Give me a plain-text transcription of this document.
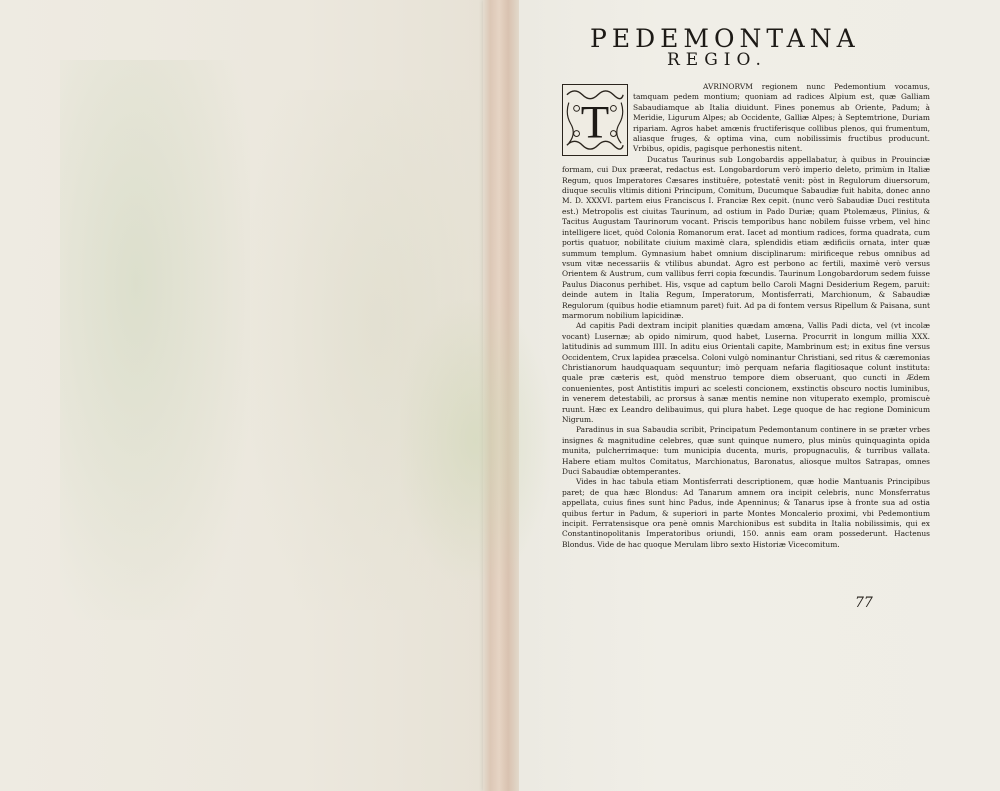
PEDEMONTANA
REGIO.

AVRINORVM regionem nunc Pedemontium vocamus, tamquam pedem montium; quoniam ad radices Alpium est, quæ Galliam Sabaudiamque ab Italia diuidunt. Fines ponemus ab Oriente, Padum; à Meridie, Ligurum Alpes; ab Occidente, Galliæ Alpes; à Septemtrione, Duriam ripariam. Agros habet amœnis fructiferisque collibus plenos, qui frumentum, aliasque fruges, & optima vina, cum nobilissimis fructibus producunt. Vrbibus, opidis, pagisque perhonestis nitent.

Ducatus Taurinus sub Longobardis appellabatur, à quibus in Prouinciæ formam, cui Dux præerat, redactus est. Longobardorum verò imperio deleto, primùm in Italiæ Regum, quos Imperatores Cæsares instituêre, potestatē venit: pòst in Regulorum diuersorum, diuque seculis vltimis ditioni Principum, Comitum, Ducumque Sabaudiæ fuit habita, donec anno M. D. XXXVI. partem eius Franciscus I. Franciæ Rex cepit. (nunc verò Sabaudiæ Duci restituta est.) Metropolis est ciuitas Taurinum, ad ostium in Pado Duriæ; quam Ptolemæus, Plinius, & Tacitus Augustam Taurinorum vocant. Priscis temporibus hanc nobilem fuisse vrbem, vel hinc intelligere licet, quòd Colonia Romanorum erat. Iacet ad montium radices, forma quadrata, cum portis quatuor, nobilitate ciuium maximè clara, splendidis etiam ædificiis ornata, inter quæ summum templum. Gymnasium habet omnium disciplinarum: mirificeque rebus omnibus ad vsum vitæ necessariis & vtilibus abundat. Agro est perbono ac fertili, maximè verò versus Orientem & Austrum, cum vallibus ferri copia fœcundis. Taurinum Longobardorum sedem fuisse Paulus Diaconus perhibet. His, vsque ad captum bello Caroli Magni Desiderium Regem, paruit: deinde autem in Italia Regum, Imperatorum, Montisferrati, Marchionum, & Sabaudiæ Regulorum (quibus hodie etiamnum paret) fuit. Ad pa di fontem versus Ripellum & Paisana, sunt marmorum nobilium lapicidinæ.

Ad capitis Padi dextram incipit planities quædam amœna, Vallis Padi dicta, vel (vt incolæ vocant) Lusernæ; ab opido nimirum, quod habet, Luserna. Procurrit in longum millia XXX. latitudinis ad summum IIII. In aditu eius Orientali capite, Mambrinum est; in exitus fine versus Occidentem, Crux lapidea præcelsa. Coloni vulgò nominantur Christiani, sed ritus & cæremonias Christianorum haudquaquam sequuntur; imò perquam nefaria flagitiosaque colunt instituta: quale præ cæteris est, quòd menstruo tempore diem obseruant, quo cuncti in Ædem conuenientes, post Antistitis impuri ac scelesti concionem, exstinctis obscuro noctis luminibus, in venerem detestabili, ac prorsus à sanæ mentis nemine non vituperato exemplo, promiscuè ruunt. Hæc ex Leandro delibauimus, qui plura habet. Lege quoque de hac regione Dominicum Nigrum.

Paradinus in sua Sabaudia scribit, Principatum Pedemontanum continere in se præter vrbes insignes & magnitudine celebres, quæ sunt quinque numero, plus minùs quinquaginta opida munita, pulcherrimaque: tum municipia ducenta, muris, propugnaculis, & turribus vallata. Habere etiam multos Comitatus, Marchionatus, Baronatus, aliosque multos Satrapas, omnes Duci Sabaudiæ obtemperantes.

Vides in hac tabula etiam Montisferrati descriptionem, quæ hodie Mantuanis Principibus paret; de qua hæc Blondus: Ad Tanarum amnem ora incipit celebris, nunc Monsferratus appellata, cuius fines sunt hinc Padus, inde Apenninus; & Tanarus ipse à fronte sua ad ostia quibus fertur in Padum, & superiori in parte Montes Moncalerio proximi, vbi Pedemontium incipit. Ferratensisque ora penè omnis Marchionibus est subdita in Italia nobilissimis, qui ex Constantinopolitanis Imperatoribus oriundi, 150. annis eam oram possederunt. Hactenus Blondus. Vide de hac quoque Merulam libro sexto Historiæ Vicecomitum.

T
77
